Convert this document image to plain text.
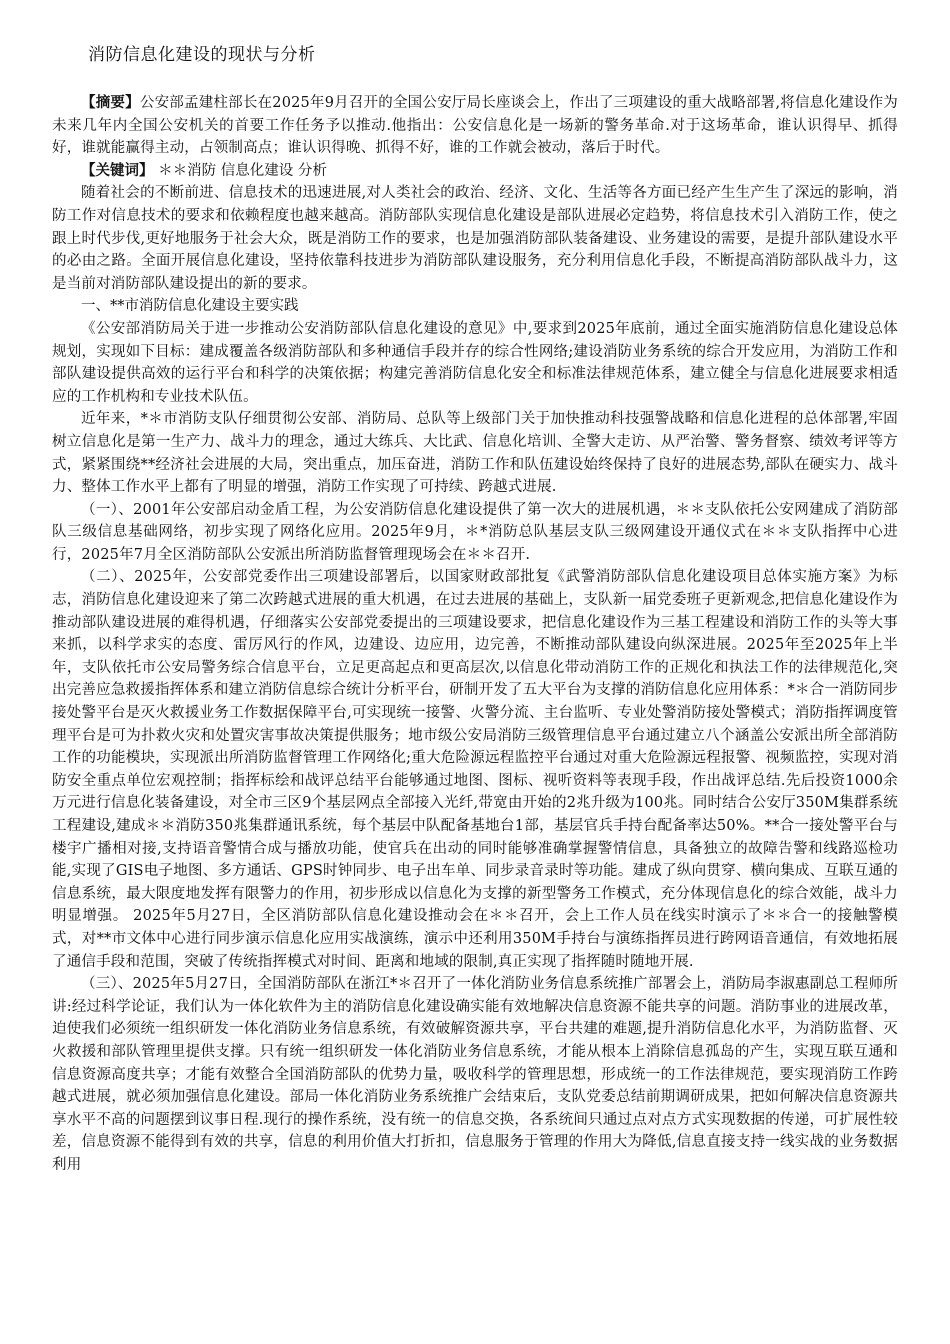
消防信息化建设的现状与分析

【摘要】公安部孟建柱部长在2025年9月召开的全国公安厅局长座谈会上，作出了三项建设的重大战略部署,将信息化建设作为未来几年内全国公安机关的首要工作任务予以推动.他指出：公安信息化是一场新的警务革命.对于这场革命，谁认识得早、抓得好，谁就能赢得主动，占领制高点；谁认识得晚、抓得不好，谁的工作就会被动，落后于时代。

【关键词】 ＊＊消防 信息化建设 分析

随着社会的不断前进、信息技术的迅速进展,对人类社会的政治、经济、文化、生活等各方面已经产生生产生了深远的影响，消防工作对信息技术的要求和依赖程度也越来越高。消防部队实现信息化建设是部队进展必定趋势，将信息技术引入消防工作，使之跟上时代步伐,更好地服务于社会大众，既是消防工作的要求，也是加强消防部队装备建设、业务建设的需要，是提升部队建设水平的必由之路。全面开展信息化建设，坚持依靠科技进步为消防部队建设服务，充分利用信息化手段，不断提高消防部队战斗力，这是当前对消防部队建设提出的新的要求。

一、**市消防信息化建设主要实践

《公安部消防局关于进一步推动公安消防部队信息化建设的意见》中,要求到2025年底前，通过全面实施消防信息化建设总体规划，实现如下目标：建成覆盖各级消防部队和多种通信手段并存的综合性网络;建设消防业务系统的综合开发应用，为消防工作和部队建设提供高效的运行平台和科学的决策依据；构建完善消防信息化安全和标准法律规范体系，建立健全与信息化进展要求相适应的工作机构和专业技术队伍。

近年来，*＊市消防支队仔细贯彻公安部、消防局、总队等上级部门关于加快推动科技强警战略和信息化进程的总体部署,牢固树立信息化是第一生产力、战斗力的理念，通过大练兵、大比武、信息化培训、全警大走访、从严治警、警务督察、绩效考评等方式，紧紧围绕**经济社会进展的大局，突出重点，加压奋进，消防工作和队伍建设始终保持了良好的进展态势,部队在硬实力、战斗力、整体工作水平上都有了明显的增强，消防工作实现了可持续、跨越式进展.

（一）、2001年公安部启动金盾工程，为公安消防信息化建设提供了第一次大的进展机遇，＊＊支队依托公安网建成了消防部队三级信息基础网络，初步实现了网络化应用。2025年9月，＊*消防总队基层支队三级网建设开通仪式在＊＊支队指挥中心进行，2025年7月全区消防部队公安派出所消防监督管理现场会在＊＊召开.

（二）、2025年，公安部党委作出三项建设部署后，以国家财政部批复《武警消防部队信息化建设项目总体实施方案》为标志，消防信息化建设迎来了第二次跨越式进展的重大机遇，在过去进展的基础上，支队新一届党委班子更新观念,把信息化建设作为推动部队建设进展的难得机遇，仔细落实公安部党委提出的三项建设要求，把信息化建设作为三基工程建设和消防工作的头等大事来抓，以科学求实的态度、雷厉风行的作风，边建设、边应用，边完善，不断推动部队建设向纵深进展。2025年至2025年上半年，支队依托市公安局警务综合信息平台，立足更高起点和更高层次,以信息化带动消防工作的正规化和执法工作的法律规范化,突出完善应急救援指挥体系和建立消防信息综合统计分析平台，研制开发了五大平台为支撑的消防信息化应用体系：*＊合一消防同步接处警平台是灭火救援业务工作数据保障平台,可实现统一接警、火警分流、主台监听、专业处警消防接处警模式；消防指挥调度管理平台是可为扑救火灾和处置灾害事故决策提供服务；地市级公安局消防三级管理信息平台通过建立八个涵盖公安派出所全部消防工作的功能模块，实现派出所消防监督管理工作网络化;重大危险源远程监控平台通过对重大危险源远程报警、视频监控，实现对消防安全重点单位宏观控制；指挥标绘和战评总结平台能够通过地图、图标、视听资料等表现手段，作出战评总结.先后投资1000余万元进行信息化装备建设，对全市三区9个基层网点全部接入光纤,带宽由开始的2兆升级为100兆。同时结合公安厅350M集群系统工程建设,建成＊＊消防350兆集群通讯系统，每个基层中队配备基地台1部，基层官兵手持台配备率达50%。**合一接处警平台与楼宇广播相对接,支持语音警情合成与播放功能，使官兵在出动的同时能够准确掌握警情信息，具备独立的故障告警和线路巡检功能,实现了GIS电子地图、多方通话、GPS时钟同步、电子出车单、同步录音录时等功能。建成了纵向贯穿、横向集成、互联互通的信息系统，最大限度地发挥有限警力的作用，初步形成以信息化为支撑的新型警务工作模式，充分体现信息化的综合效能，战斗力明显增强。 2025年5月27日，全区消防部队信息化建设推动会在＊＊召开，会上工作人员在线实时演示了＊＊合一的接触警模式，对**市文体中心进行同步演示信息化应用实战演练，演示中还利用350M手持台与演练指挥员进行跨网语音通信，有效地拓展了通信手段和范围，突破了传统指挥模式对时间、距离和地域的限制,真正实现了指挥随时随地开展.

（三）、2025年5月27日，全国消防部队在浙江*＊召开了一体化消防业务信息系统推广部署会上，消防局李淑惠副总工程师所讲:经过科学论证，我们认为一体化软件为主的消防信息化建设确实能有效地解决信息资源不能共享的问题。消防事业的进展改革，迫使我们必须统一组织研发一体化消防业务信息系统，有效破解资源共享，平台共建的难题,提升消防信息化水平，为消防监督、灭火救援和部队管理里提供支撑。只有统一组织研发一体化消防业务信息系统，才能从根本上消除信息孤岛的产生，实现互联互通和信息资源高度共享；才能有效整合全国消防部队的优势力量，吸收科学的管理思想，形成统一的工作法律规范，要实现消防工作跨越式进展，就必须加强信息化建设。部局一体化消防业务系统推广会结束后，支队党委总结前期调研成果，把如何解决信息资源共享水平不高的问题摆到议事日程.现行的操作系统，没有统一的信息交换，各系统间只通过点对点方式实现数据的传递，可扩展性较差，信息资源不能得到有效的共享，信息的利用价值大打折扣，信息服务于管理的作用大为降低,信息直接支持一线实战的业务数据利用
